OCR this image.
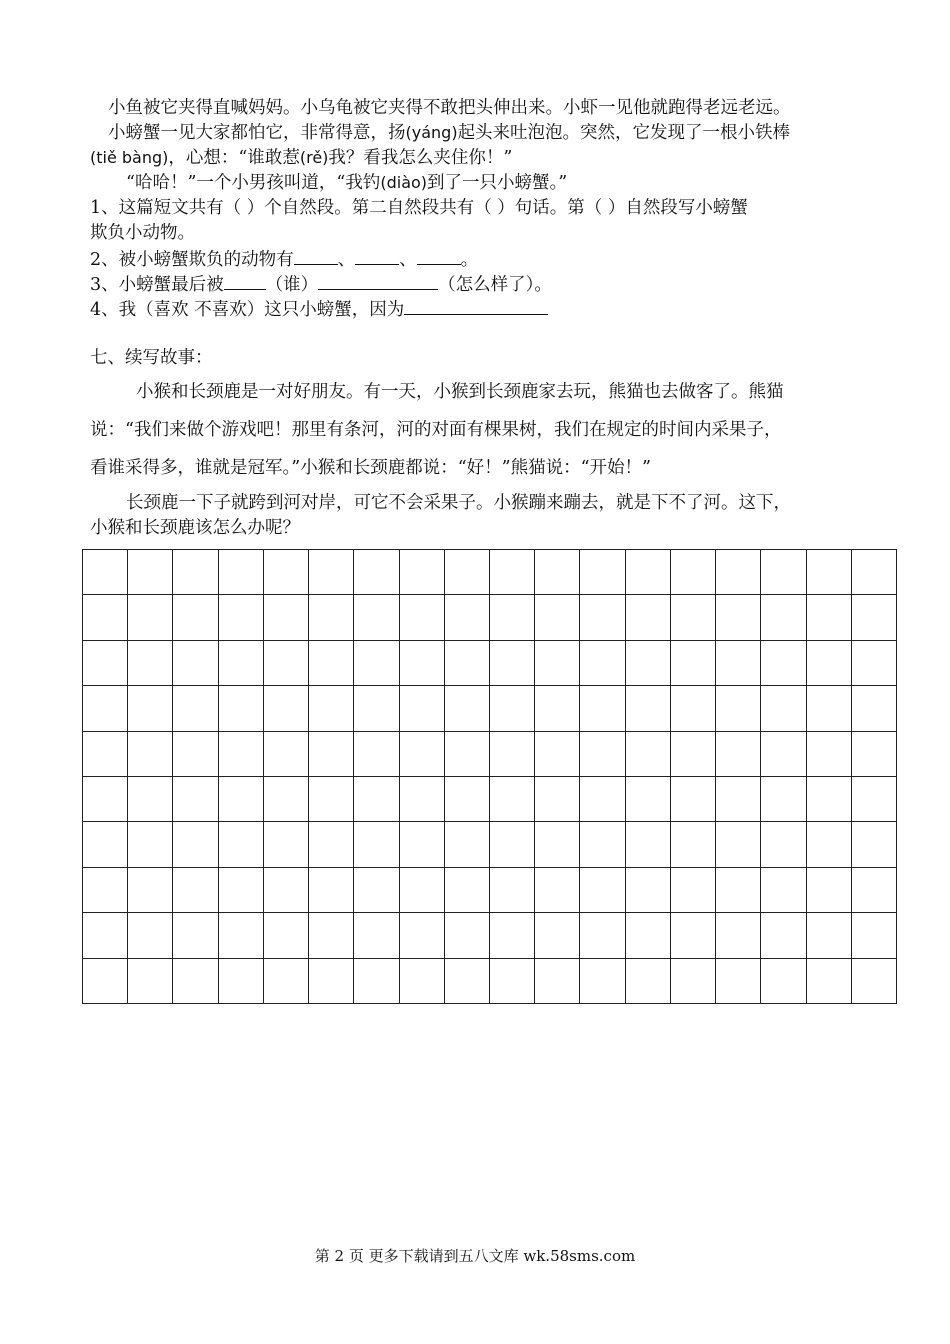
小鱼被它夹得直喊妈妈。小乌龟被它夹得不敢把头伸出来。小虾一见他就跑得老远老远。
小螃蟹一见大家都怕它，非常得意，扬(yáng)起头来吐泡泡。突然，它发现了一根小铁棒
(tiě bàng)，心想：“谁敢惹(rě)我？看我怎么夹住你！”
“哈哈！”一个小男孩叫道，“我钓(diào)到了一只小螃蟹。”
1、这篇短文共有（ ）个自然段。第二自然段共有（ ）句话。第（ ）自然段写小螃蟹
欺负小动物。
2、被小螃蟹欺负的动物有	、	、	。
3、小螃蟹最后被 （谁）	（怎么样了）。
4、我（喜欢 不喜欢）这只小螃蟹，因为
七、续写故事：
小猴和长颈鹿是一对好朋友。有一天，小猴到长颈鹿家去玩，熊猫也去做客了。熊猫
说：“我们来做个游戏吧！那里有条河，河的对面有棵果树，我们在规定的时间内采果子，
看谁采得多，谁就是冠军。”小猴和长颈鹿都说：“好！”熊猫说：“开始！”
长颈鹿一下子就跨到河对岸，可它不会采果子。小猴蹦来蹦去，就是下不了河。这下，
小猴和长颈鹿该怎么办呢？

第 2 页 更多下载请到五八文库 wk.58sms.com
